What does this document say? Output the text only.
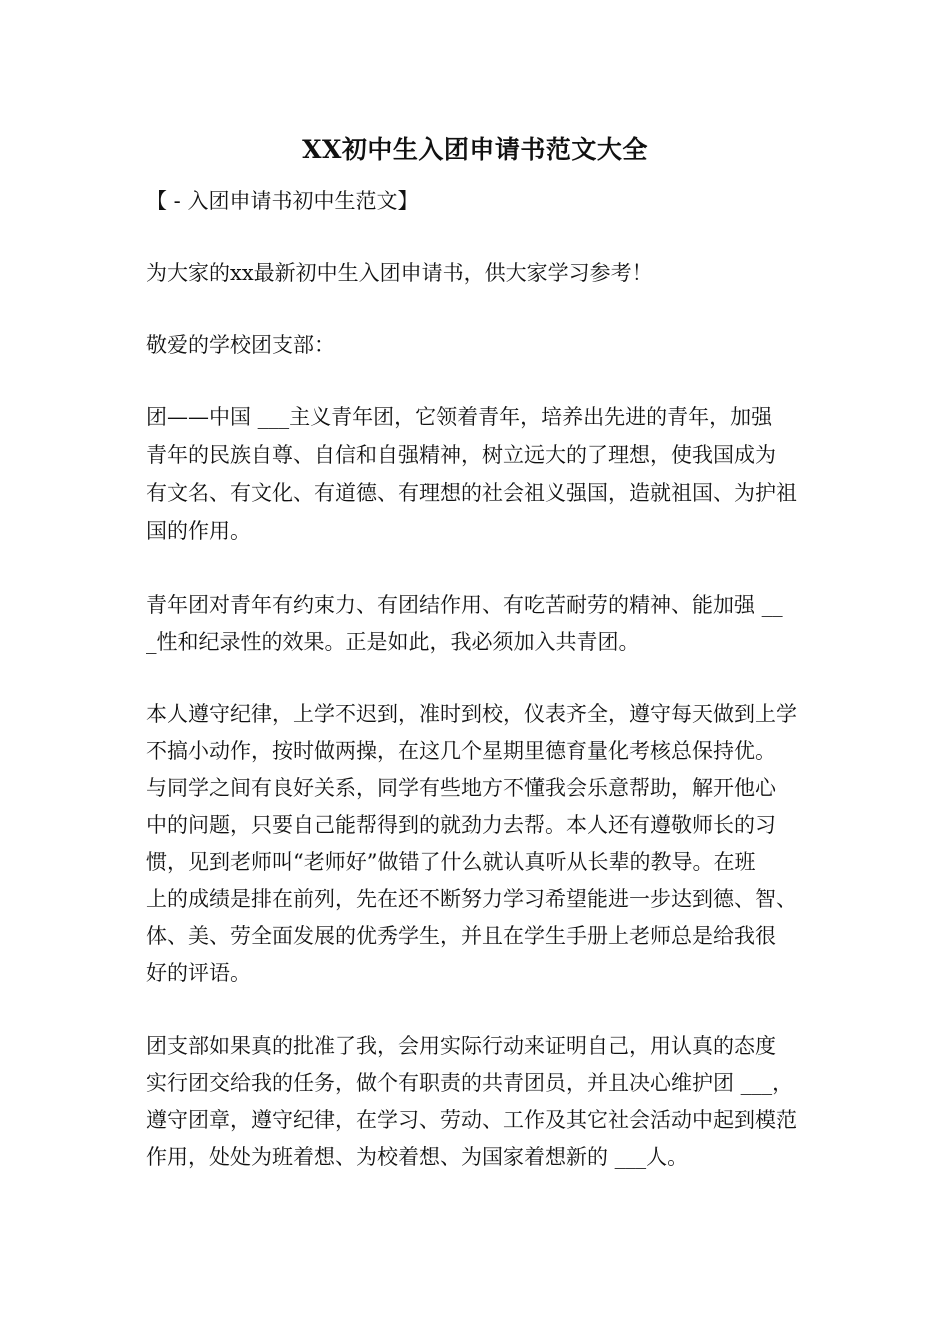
XX初中生入团申请书范文大全
【 - 入团申请书初中生范文】
为大家的xx最新初中生入团申请书，供大家学习参考！
敬爱的学校团支部：
团——中国 ___主义青年团，它领着青年，培养出先进的青年，加强
青年的民族自尊、自信和自强精神，树立远大的了理想，使我国成为
有文名、有文化、有道德、有理想的社会祖义强国，造就祖国、为护祖
国的作用。
青年团对青年有约束力、有团结作用、有吃苦耐劳的精神、能加强 __
_性和纪录性的效果。正是如此，我必须加入共青团。
本人遵守纪律，上学不迟到，准时到校，仪表齐全，遵守每天做到上学
不搞小动作，按时做两操，在这几个星期里德育量化考核总保持优。
与同学之间有良好关系，同学有些地方不懂我会乐意帮助，解开他心
中的问题，只要自己能帮得到的就劲力去帮。本人还有遵敬师长的习
惯，见到老师叫“老师好”做错了什么就认真听从长辈的教导。在班
上的成绩是排在前列，先在还不断努力学习希望能进一步达到德、智、
体、美、劳全面发展的优秀学生，并且在学生手册上老师总是给我很
好的评语。
团支部如果真的批准了我，会用实际行动来证明自己，用认真的态度
实行团交给我的任务，做个有职责的共青团员，并且决心维护团 ___，
遵守团章，遵守纪律，在学习、劳动、工作及其它社会活动中起到模范
作用，处处为班着想、为校着想、为国家着想新的 ___人。
